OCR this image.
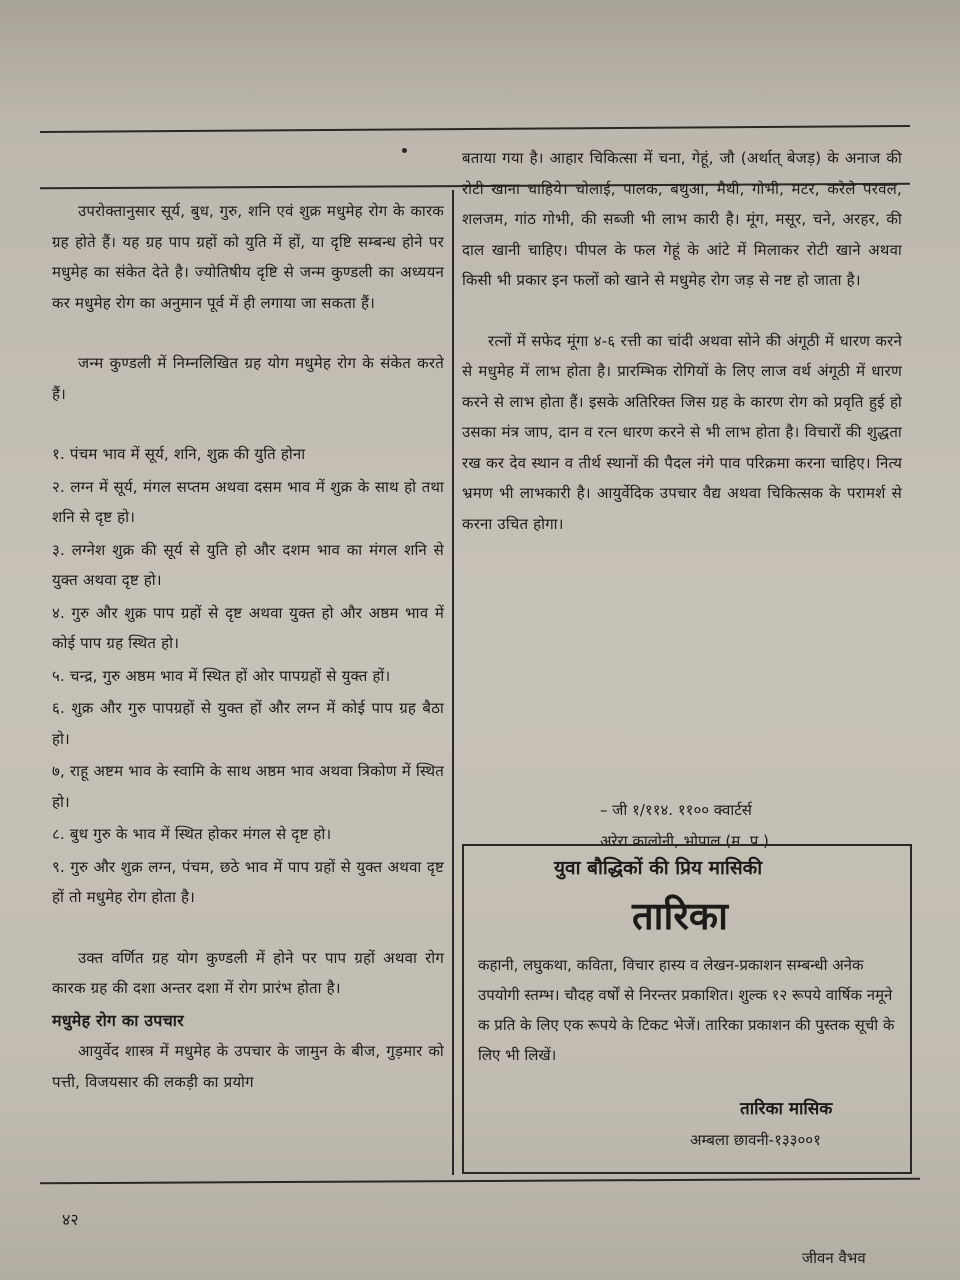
उपरोक्तानुसार सूर्य, बुध, गुरु, शनि एवं शुक्र मधुमेह रोग के कारक ग्रह होते हैं। यह ग्रह पाप ग्रहों को युति में हों, या दृष्टि सम्बन्ध होने पर मधुमेह का संकेत देते है। ज्योतिषीय दृष्टि से जन्म कुण्डली का अध्ययन कर मधुमेह रोग का अनुमान पूर्व में ही लगाया जा सकता हैं।

जन्म कुण्डली में निम्नलिखित ग्रह योग मधुमेह रोग के संकेत करते हैं।

१. पंचम भाव में सूर्य, शनि, शुक्र की युति होना

२. लग्न में सूर्य, मंगल सप्तम अथवा दसम भाव में शुक्र के साथ हो तथा शनि से दृष्ट हो।

३. लग्नेश शुक्र की सूर्य से युति हो और दशम भाव का मंगल शनि से युक्त अथवा दृष्ट हो।

४. गुरु और शुक्र पाप ग्रहों से दृष्ट अथवा युक्त हो और अष्ठम भाव में कोई पाप ग्रह स्थित हो।

५. चन्द्र, गुरु अष्ठम भाव में स्थित हों ओर पापग्रहों से युक्त हों।

६. शुक्र और गुरु पापग्रहों से युक्त हों और लग्न में कोई पाप ग्रह बैठा हो।

७, राहू अष्टम भाव के स्वामि के साथ अष्ठम भाव अथवा त्रिकोण में स्थित हो।

८. बुध गुरु के भाव में स्थित होकर मंगल से दृष्ट हो।

९. गुरु और शुक्र लग्न, पंचम, छठे भाव में पाप ग्रहों से युक्त अथवा दृष्ट हों तो मधुमेह रोग होता है।

उक्त वर्णित ग्रह योग कुण्डली में होने पर पाप ग्रहों अथवा रोग कारक ग्रह की दशा अन्तर दशा में रोग प्रारंभ होता है।

मधुमेह रोग का उपचार

आयुर्वेद शास्त्र में मधुमेह के उपचार के जामुन के बीज, गुड़मार को पत्ती, विजयसार की लकड़ी का प्रयोग

बताया गया है। आहार चिकित्सा में चना, गेहूं, जौ (अर्थात् बेजड़) के अनाज की रोटी खाना चाहिये। चोलाई, पालक, बथुआ, मैथी, गोभी, मटर, करेले परवल, शलजम, गांठ गोभी, की सब्जी भी लाभ कारी है। मूंग, मसूर, चने, अरहर, की दाल खानी चाहिए। पीपल के फल गेहूं के आंटे में मिलाकर रोटी खाने अथवा किसी भी प्रकार इन फलों को खाने से मधुमेह रोग जड़ से नष्ट हो जाता है।

रत्नों में सफेद मूंगा ४-६ रत्ती का चांदी अथवा सोने की अंगूठी में धारण करने से मधुमेह में लाभ होता है। प्रारम्भिक रोगियों के लिए लाज वर्थ अंगूठी में धारण करने से लाभ होता हैं। इसके अतिरिक्त जिस ग्रह के कारण रोग को प्रवृति हुई हो उसका मंत्र जाप, दान व रत्न धारण करने से भी लाभ होता है। विचारों की शुद्धता रख कर देव स्थान व तीर्थ स्थानों की पैदल नंगे पाव परिक्रमा करना चाहिए। नित्य भ्रमण भी लाभकारी है। आयुर्वेदिक उपचार वैद्य अथवा चिकित्सक के परामर्श से करना उचित होगा।

– जी १/११४. ११०० क्वार्टर्स
अरेरा कालोनी, भोपाल (म. प्र.)
युवा बौद्धिकों की प्रिय मासिकी
तारिका
कहानी, लघुकथा, कविता, विचार हास्य व लेखन-प्रकाशन सम्बन्धी अनेक उपयोगी स्तम्भ। चौदह वर्षों से निरन्तर प्रकाशित। शुल्क १२ रूपये वार्षिक नमूने क प्रति के लिए एक रूपये के टिकट भेजें। तारिका प्रकाशन की पुस्तक सूची के लिए भी लिखें।
तारिका मासिक
अम्बला छावनी-१३३००१
४२
जीवन वैभव
